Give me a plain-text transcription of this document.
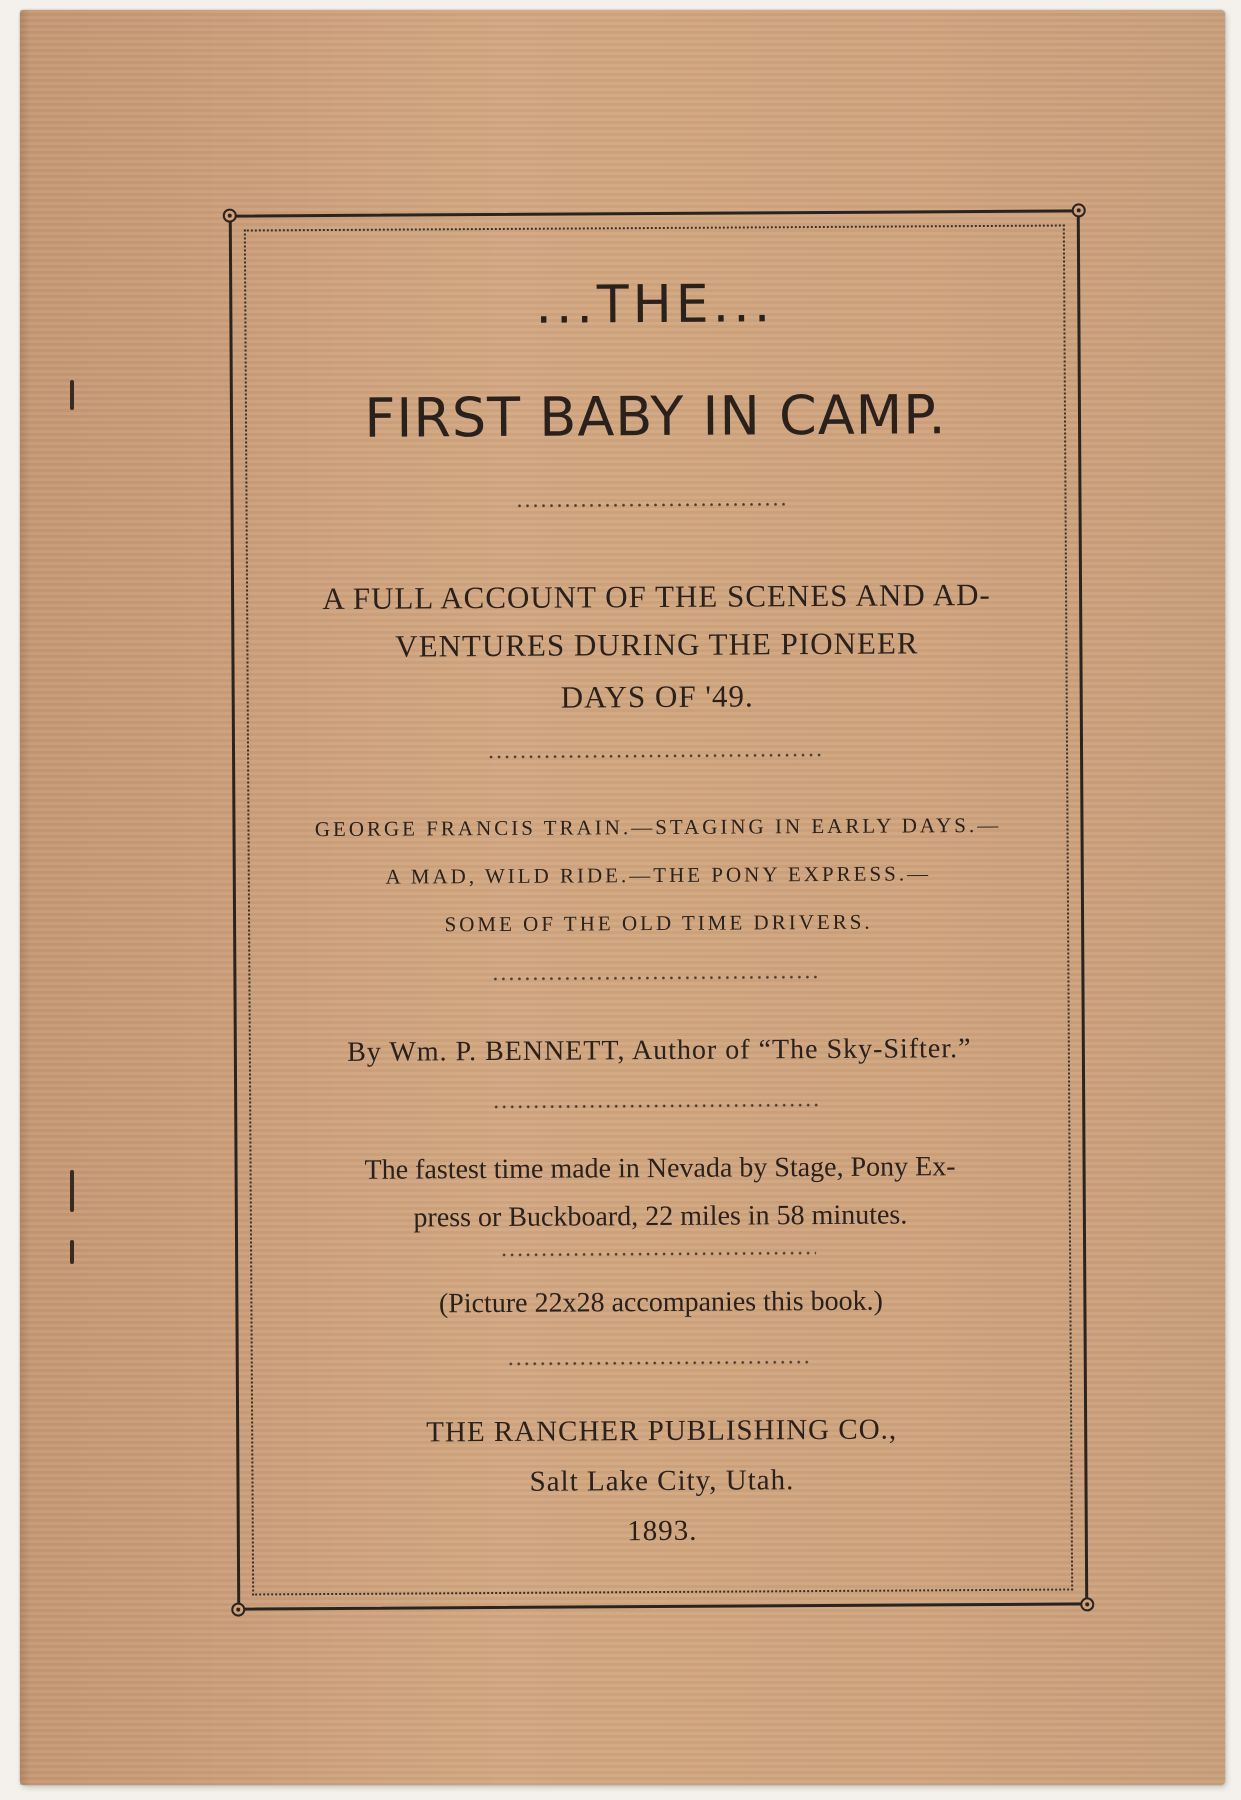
...THE...
FIRST BABY IN CAMP.
A FULL ACCOUNT OF THE SCENES AND AD-
VENTURES DURING THE PIONEER
DAYS OF '49.
GEORGE FRANCIS TRAIN.—STAGING IN EARLY DAYS.—
A MAD, WILD RIDE.—THE PONY EXPRESS.—
SOME OF THE OLD TIME DRIVERS.
By Wm. P. BENNETT, Author of “The Sky-Sifter.”
The fastest time made in Nevada by Stage, Pony Ex-
press or Buckboard, 22 miles in 58 minutes.
(Picture 22x28 accompanies this book.)
THE RANCHER PUBLISHING CO.,
Salt Lake City, Utah.
1893.
